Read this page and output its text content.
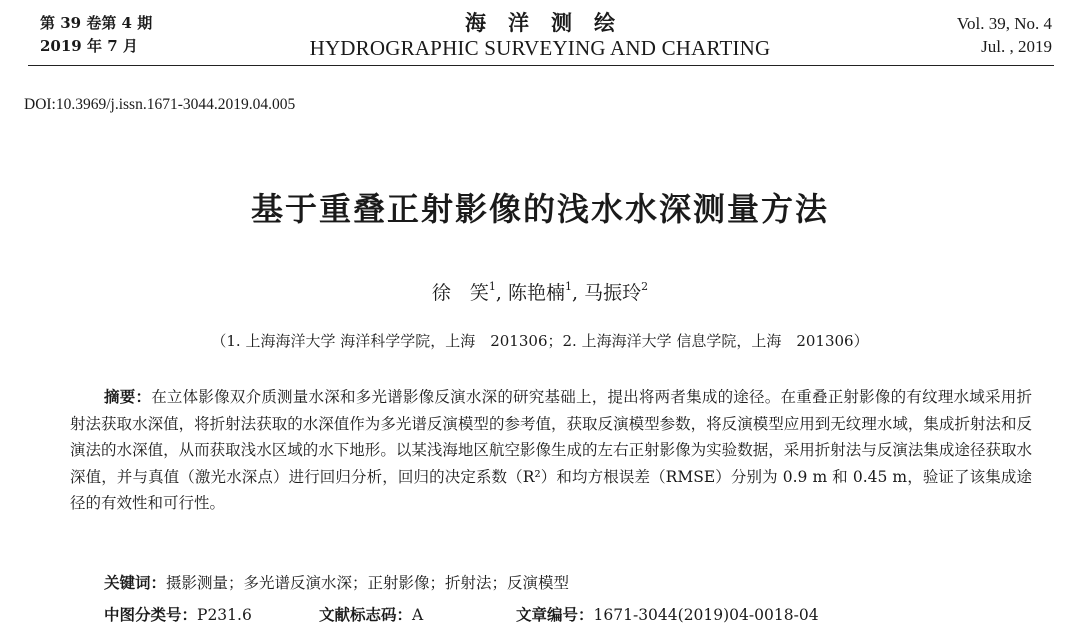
第 39 卷第 4 期
2019 年 7 月
海洋测绘
HYDROGRAPHIC SURVEYING AND CHARTING
Vol. 39, No. 4
Jul. , 2019
DOI:10.3969/j.issn.1671-3044.2019.04.005
基于重叠正射影像的浅水水深测量方法
徐　笑$^1$, 陈艳楠$^1$, 马振玲$^2$
（1. 上海海洋大学 海洋科学学院，上海　201306；2. 上海海洋大学 信息学院，上海　201306）

摘要：在立体影像双介质测量水深和多光谱影像反演水深的研究基础上，提出将两者集成的途径。在重叠正射影像的有纹理水域采用折射法获取水深值，将折射法获取的水深值作为多光谱反演模型的参考值，获取反演模型参数，将反演模型应用到无纹理水域，集成折射法和反演法的水深值，从而获取浅水区域的水下地形。以某浅海地区航空影像生成的左右正射影像为实验数据，采用折射法与反演法集成途径获取水深值，并与真值（激光水深点）进行回归分析，回归的决定系数（R²）和均方根误差（RMSE）分别为 0.9 m 和 0.45 m，验证了该集成途径的有效性和可行性。

关键词：摄影测量；多光谱反演水深；正射影像；折射法；反演模型
中图分类号：P231.6	文献标志码：A	文章编号：1671-3044(2019)04-0018-04
